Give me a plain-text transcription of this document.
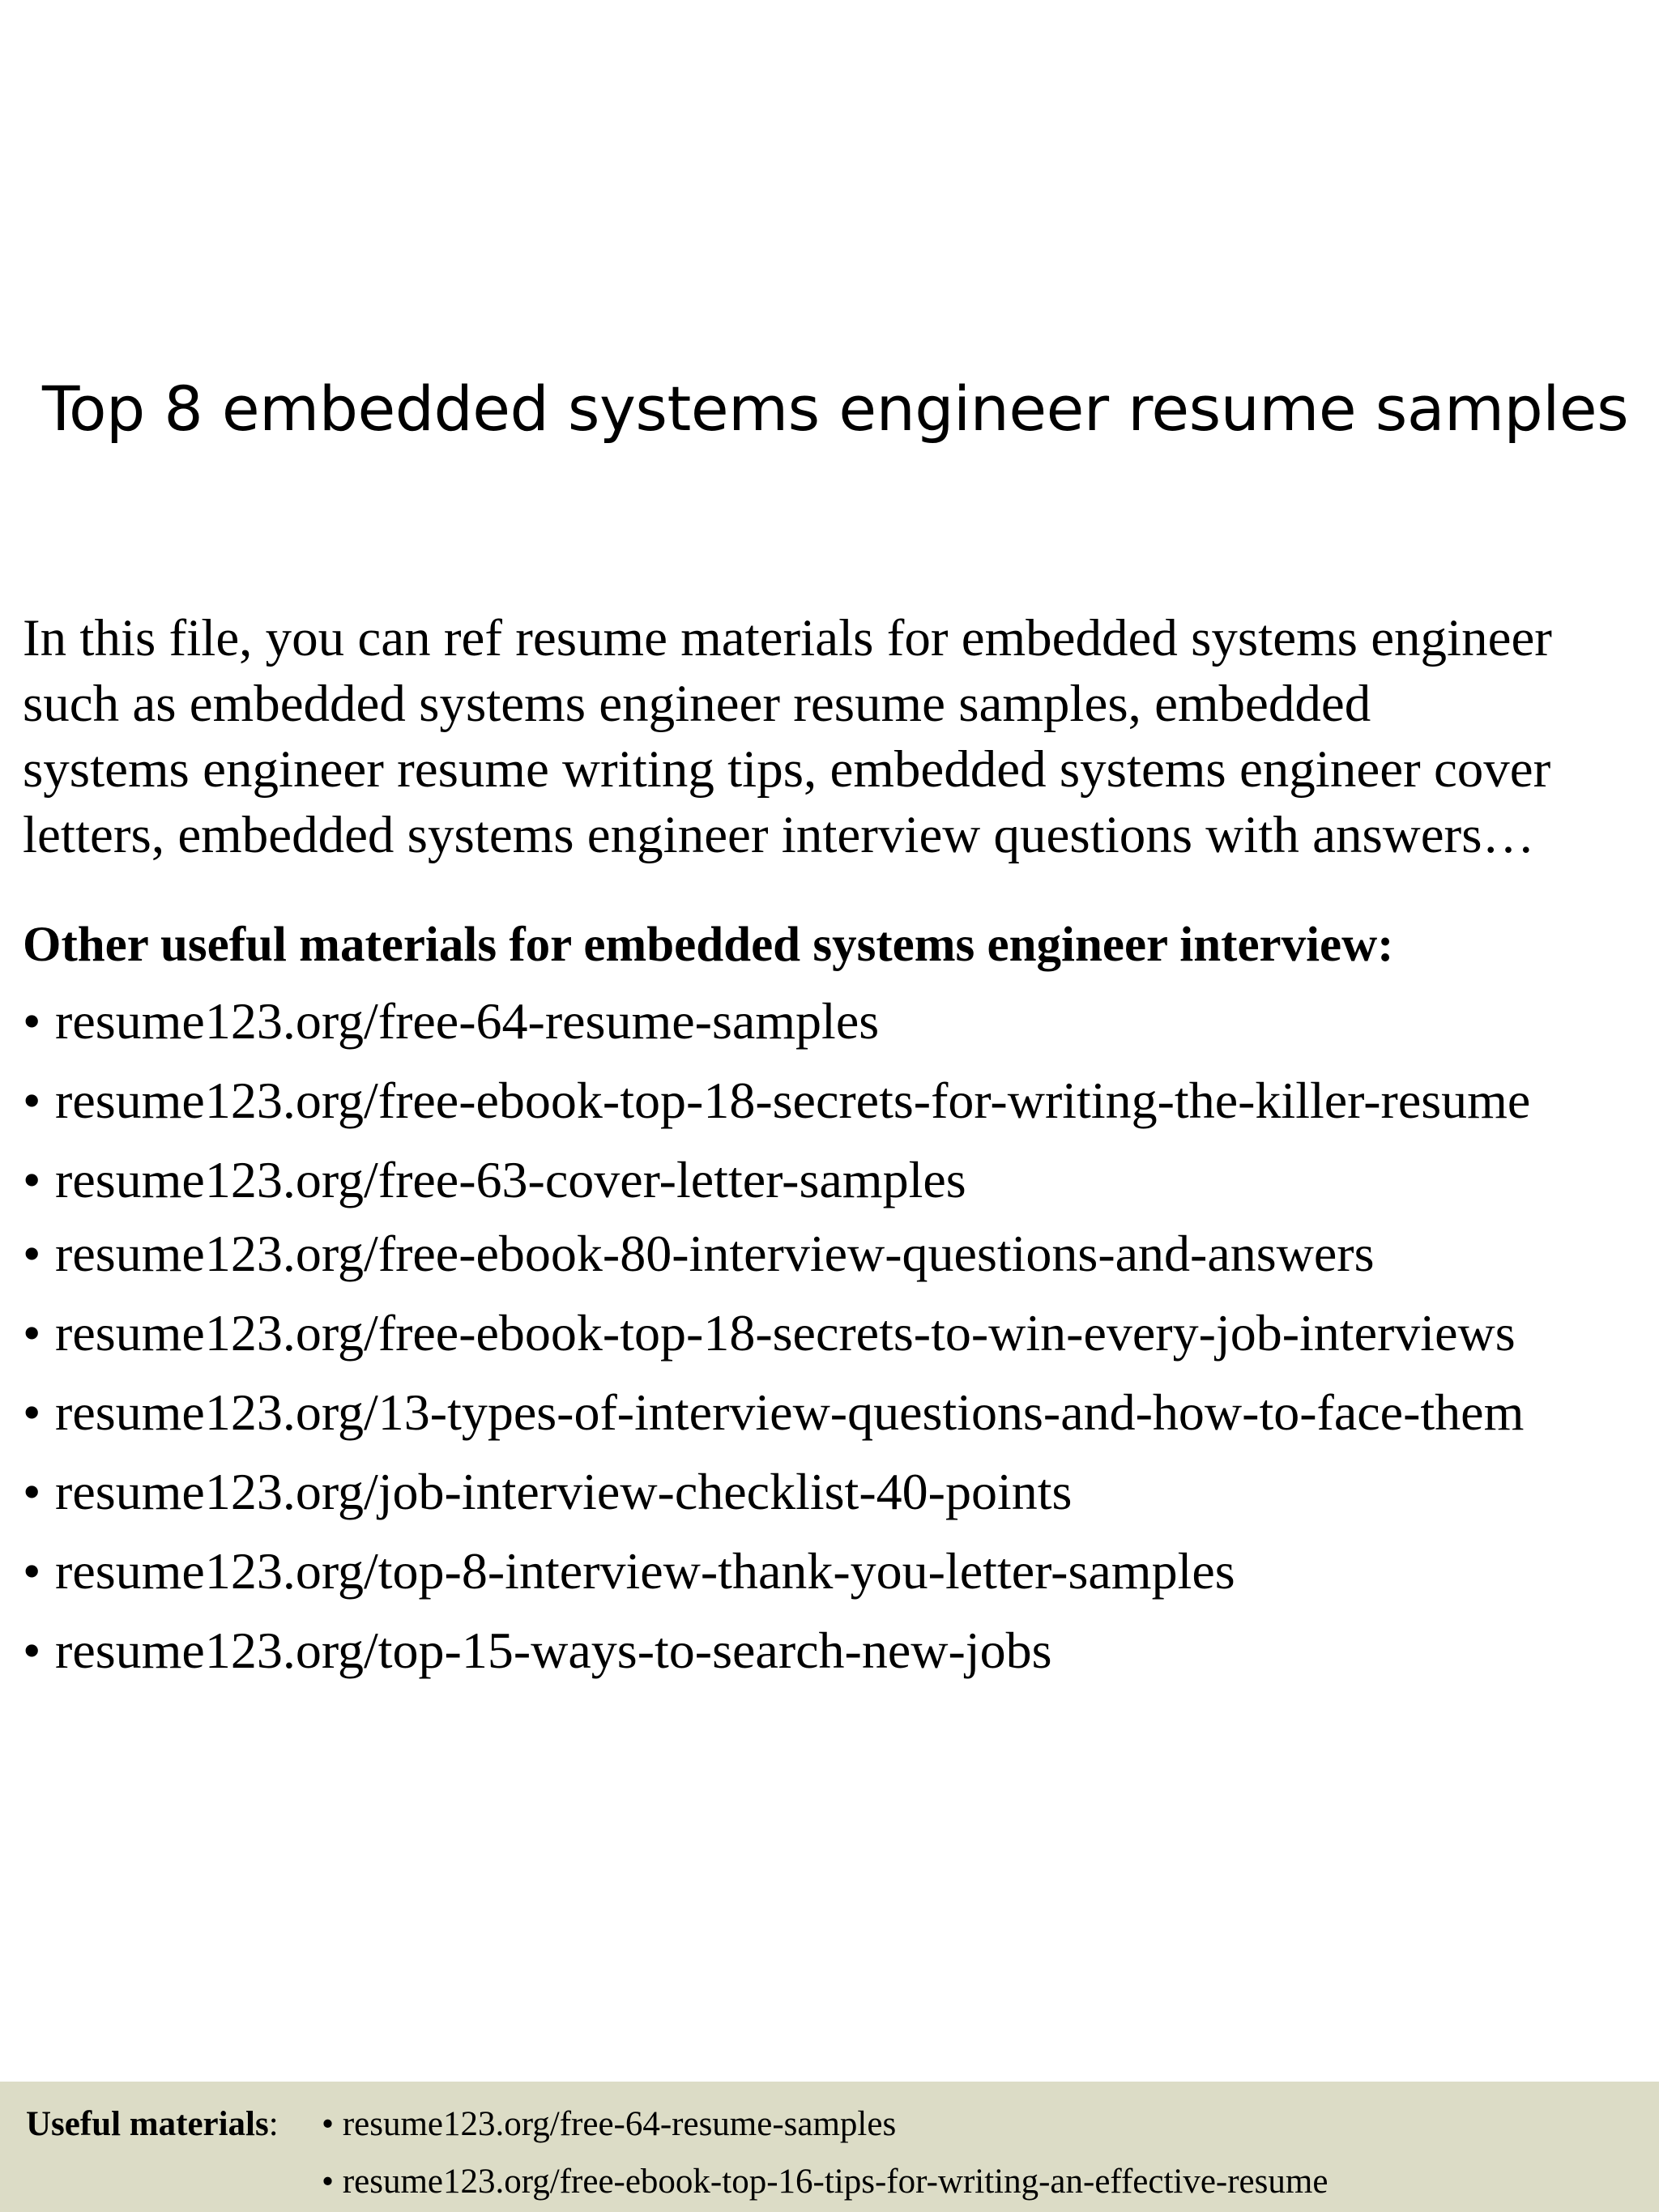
Top 8 embedded systems engineer resume samples
In this file, you can ref resume materials for embedded systems engineer
such as embedded systems engineer resume samples, embedded
systems engineer resume writing tips, embedded systems engineer cover
letters, embedded systems engineer interview questions with answers…
Other useful materials for embedded systems engineer interview:
• resume123.org/free-64-resume-samples
• resume123.org/free-ebook-top-18-secrets-for-writing-the-killer-resume
• resume123.org/free-63-cover-letter-samples
• resume123.org/free-ebook-80-interview-questions-and-answers
• resume123.org/free-ebook-top-18-secrets-to-win-every-job-interviews
• resume123.org/13-types-of-interview-questions-and-how-to-face-them
• resume123.org/job-interview-checklist-40-points
• resume123.org/top-8-interview-thank-you-letter-samples
• resume123.org/top-15-ways-to-search-new-jobs
Useful materials: • resume123.org/free-64-resume-samples
• resume123.org/free-ebook-top-16-tips-for-writing-an-effective-resume
